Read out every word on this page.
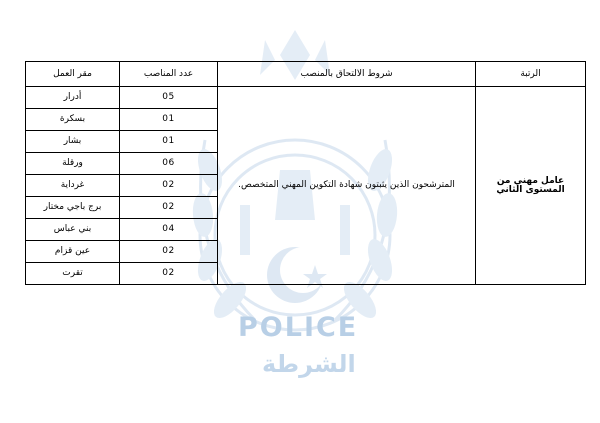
POLICE
الشرطة
مقر العمل	عدد المناصب	شروط الالتحاق بالمنصب	الرتبة
أدرار	05	المترشحون الذين يثبتون شهادة التكوين المهني المتخصص.	عامل مهني من المستوى الثاني
بسكرة	01		
بشار	01		
ورقلة	06		
غرداية	02		
برج باجي مختار	02		
بني عباس	04		
عين قزام	02		
تقرت	02		
